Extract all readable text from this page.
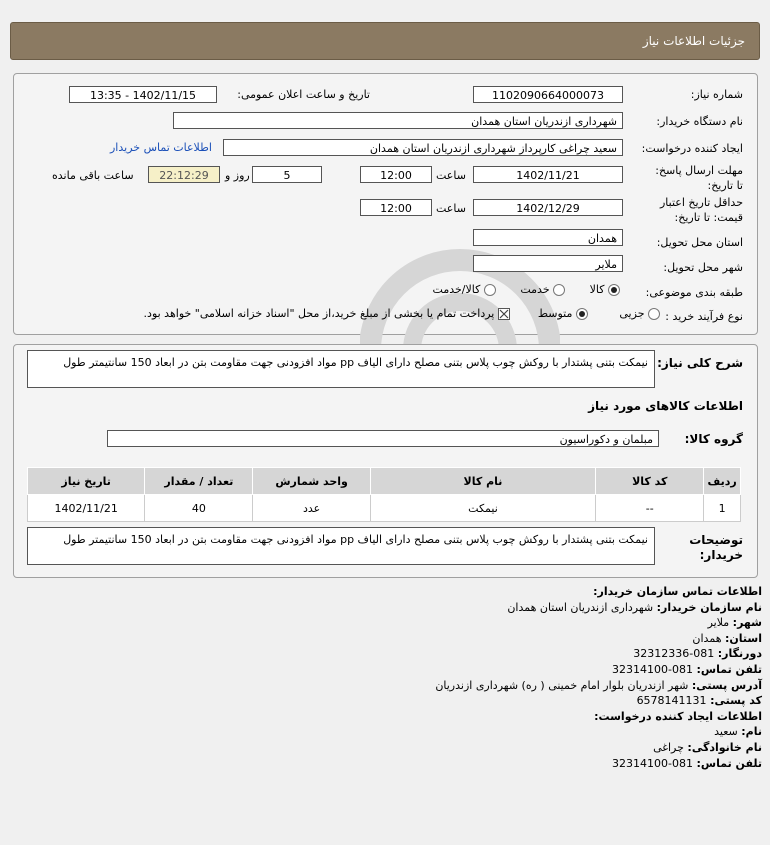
جزئیات اطلاعات نیاز
شماره نیاز:
1102090664000073
تاریخ و ساعت اعلان عمومی:
1402/11/15 - 13:35
نام دستگاه خریدار:
شهرداری ازندریان استان همدان
ایجاد کننده درخواست:
سعید چراغی کارپرداز شهرداری ازندریان استان همدان
اطلاعات تماس خریدار
مهلت ارسال پاسخ: تا تاریخ:
1402/11/21
ساعت
12:00
5
روز و
22:12:29
ساعت باقی مانده
حداقل تاریخ اعتبار قیمت: تا تاریخ:
1402/12/29
ساعت
12:00
استان محل تحویل:
همدان
شهر محل تحویل:
ملایر
طبقه بندی موضوعی:
کالا        خدمت        کالا/خدمت
نوع فرآیند خرید :
جزیی          متوسط
پرداخت تمام یا بخشی از مبلغ خرید،از محل "اسناد خزانه اسلامی" خواهد بود.
شرح کلی نیاز:
نیمکت بتنی پشتدار با روکش چوب پلاس بتنی مصلح دارای الیاف pp مواد افزودنی جهت مقاومت بتن در ابعاد 150 سانتیمتر طول
اطلاعات کالاهای مورد نیاز
گروه کالا:
مبلمان و دکوراسیون
ردیف	کد کالا	نام کالا	واحد شمارش	تعداد / مقدار	تاریخ نیاز
1	--	نیمکت	عدد	40	1402/11/21
توضیحات خریدار:
نیمکت بتنی پشتدار با روکش چوب پلاس بتنی مصلح دارای الیاف pp مواد افزودنی جهت مقاومت بتن در ابعاد 150 سانتیمتر طول
اطلاعات تماس سازمان خریدار:
نام سازمان خریدار: شهرداری ازندریان استان همدان
شهر: ملایر
استان: همدان
دورنگار: 081-32312336
تلفن تماس: 081-32314100
آدرس پستی: شهر ازندریان بلوار امام خمینی ( ره) شهرداری ازندریان
کد پستی: 6578141131
اطلاعات ایجاد کننده درخواست:
نام: سعید
نام خانوادگی: چراغی
تلفن تماس: 081-32314100
